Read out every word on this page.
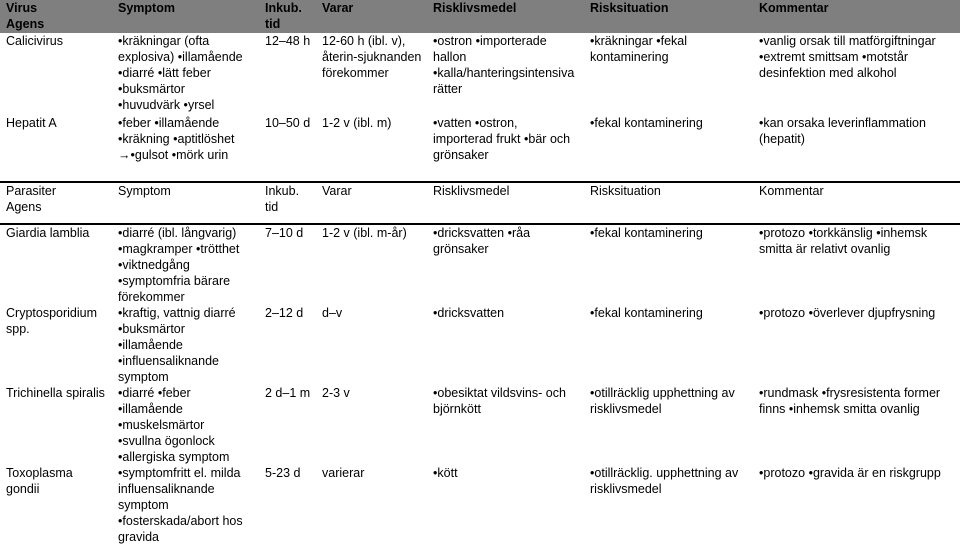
Virus
Agens	Symptom	Inkub.
tid	Varar	Risklivsmedel	Risksituation	Kommentar

Calicivirus	• kräkningar (ofta
explosiva) • illamående
• diarré • lätt feber
• buksmärtor
• huvudvärk • yrsel	12–48 h	12-60 h (ibl. v),
återin-sjuknanden
förekommer	• ostron • importerade
hallon
• kalla/hanteringsintensiva
rätter	• kräkningar • fekal
kontaminering	• vanlig orsak till matförgiftningar
• extremt smittsam • motstår
desinfektion med alkohol

Hepatit A	• feber • illamående
• kräkning • aptitlöshet
→• gulsot • mörk urin	10–50 d	1-2 v (ibl. m)	• vatten • ostron,
importerad frukt • bär och
grönsaker	• fekal kontaminering	• kan orsaka leverinflammation
(hepatit)
Parasiter
Agens	Symptom	Inkub.
tid	Varar	Risklivsmedel	Risksituation	Kommentar

Giardia lamblia	• diarré (ibl. långvarig)
• magkramper • trötthet
• viktnedgång
• symptomfria bärare
förekommer	7–10 d	1-2 v (ibl. m-år)	• dricksvatten • råa
grönsaker	• fekal kontaminering	• protozo • torkkänslig • inhemsk
smitta är relativt ovanlig

Cryptosporidium
spp.	• kraftig, vattnig diarré
• buksmärtor
• illamående
• influensaliknande
symptom	2–12 d	d–v	• dricksvatten	• fekal kontaminering	• protozo • överlever djupfrysning

Trichinella spiralis	• diarré • feber
• illamående
• muskelsmärtor
• svullna ögonlock
• allergiska symptom	2 d–1 m	2-3 v	• obesiktat vildsvins- och
björnkött	• otillräcklig upphettning av
risklivsmedel	• rundmask • frysresistenta former
finns • inhemsk smitta ovanlig

Toxoplasma
gondii	• symptomfritt el. milda
influensaliknande
symptom
• fosterskada/abort hos
gravida	5-23 d	varierar	• kött	• otillräcklig. upphettning av
risklivsmedel	• protozo • gravida är en riskgrupp
